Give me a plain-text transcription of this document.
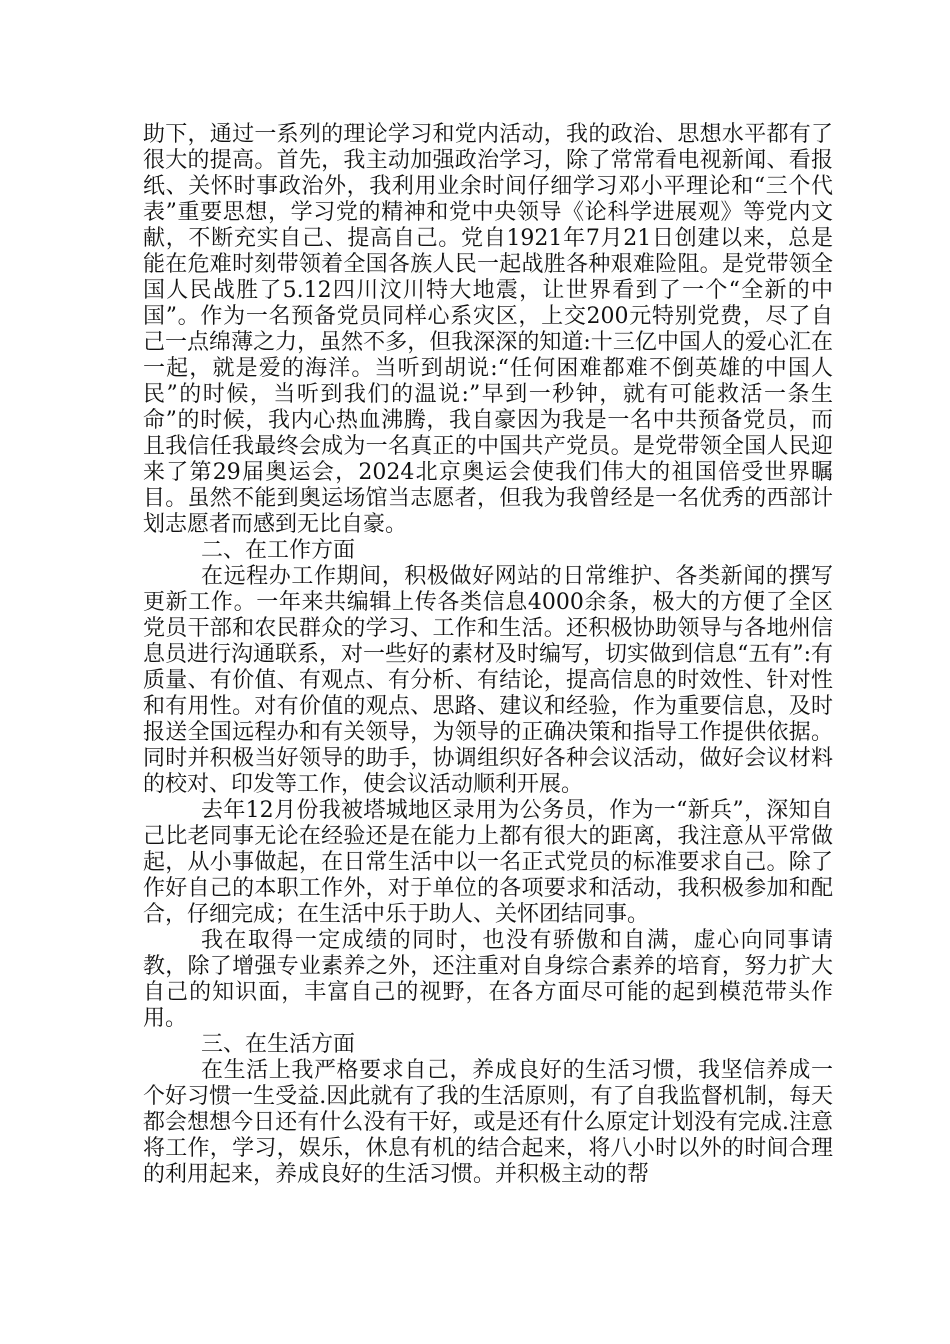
助下，通过一系列的理论学习和党内活动，我的政治、思想水平都有了很大的提高。首先，我主动加强政治学习，除了常常看电视新闻、看报纸、关怀时事政治外，我利用业余时间仔细学习邓小平理论和“三个代表”重要思想，学习党的精神和党中央领导《论科学进展观》等党内文献，不断充实自己、提高自己。党自1921年7月21日创建以来，总是能在危难时刻带领着全国各族人民一起战胜各种艰难险阻。是党带领全国人民战胜了5.12四川汶川特大地震，让世界看到了一个“全新的中国”。作为一名预备党员同样心系灾区，上交200元特别党费，尽了自己一点绵薄之力，虽然不多，但我深深的知道:十三亿中国人的爱心汇在一起，就是爱的海洋。当听到胡说:“任何困难都难不倒英雄的中国人民”的时候，当听到我们的温说:”早到一秒钟，就有可能救活一条生命”的时候，我内心热血沸腾，我自豪因为我是一名中共预备党员，而且我信任我最终会成为一名真正的中国共产党员。是党带领全国人民迎来了第29届奥运会，2024北京奥运会使我们伟大的祖国倍受世界瞩目。虽然不能到奥运场馆当志愿者，但我为我曾经是一名优秀的西部计划志愿者而感到无比自豪。

二、在工作方面

在远程办工作期间，积极做好网站的日常维护、各类新闻的撰写更新工作。一年来共编辑上传各类信息4000余条，极大的方便了全区党员干部和农民群众的学习、工作和生活。还积极协助领导与各地州信息员进行沟通联系，对一些好的素材及时编写，切实做到信息“五有”:有质量、有价值、有观点、有分析、有结论，提高信息的时效性、针对性和有用性。对有价值的观点、思路、建议和经验，作为重要信息，及时报送全国远程办和有关领导，为领导的正确决策和指导工作提供依据。同时并积极当好领导的助手，协调组织好各种会议活动，做好会议材料的校对、印发等工作，使会议活动顺利开展。

去年12月份我被塔城地区录用为公务员，作为一“新兵”，深知自己比老同事无论在经验还是在能力上都有很大的距离，我注意从平常做起，从小事做起，在日常生活中以一名正式党员的标准要求自己。除了作好自己的本职工作外，对于单位的各项要求和活动，我积极参加和配合，仔细完成；在生活中乐于助人、关怀团结同事。

我在取得一定成绩的同时，也没有骄傲和自满，虚心向同事请教，除了增强专业素养之外，还注重对自身综合素养的培育，努力扩大自己的知识面，丰富自己的视野，在各方面尽可能的起到模范带头作用。

三、在生活方面

在生活上我严格要求自己，养成良好的生活习惯，我坚信养成一个好习惯一生受益.因此就有了我的生活原则，有了自我监督机制，每天都会想想今日还有什么没有干好，或是还有什么原定计划没有完成.注意将工作，学习，娱乐，休息有机的结合起来，将八小时以外的时间合理的利用起来，养成良好的生活习惯。并积极主动的帮
